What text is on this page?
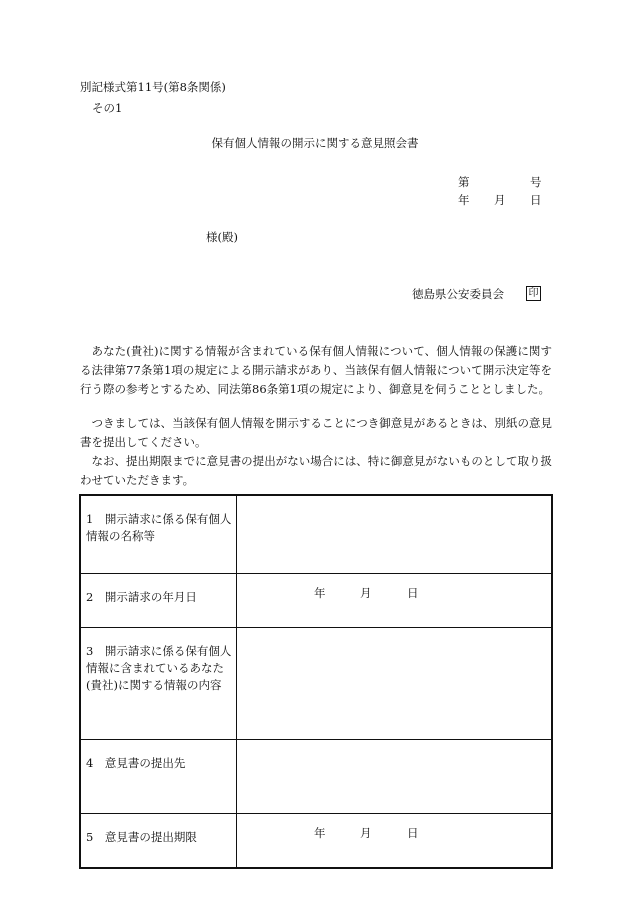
別記様式第11号(第8条関係)
その1
保有個人情報の開示に関する意見照会書
第	号
年 月 日
様(殿)
徳島県公安委員会 印
あなた(貴社)に関する情報が含まれている保有個人情報について、個人情報の保護に関する法律第77条第1項の規定による開示請求があり、当該保有個人情報について開示決定等を行う際の参考とするため、同法第86条第1項の規定により、御意見を伺うこととしました。
つきましては、当該保有個人情報を開示することにつき御意見があるときは、別紙の意見書を提出してください。
なお、提出期限までに意見書の提出がない場合には、特に御意見がないものとして取り扱わせていただきます。
1　開示請求に係る保有個人情報の名称等	
2　開示請求の年月日	年 月 日

3　開示請求に係る保有個人情報に含まれているあなた(貴社)に関する情報の内容	
4　意見書の提出先	
5　意見書の提出期限	年 月 日
